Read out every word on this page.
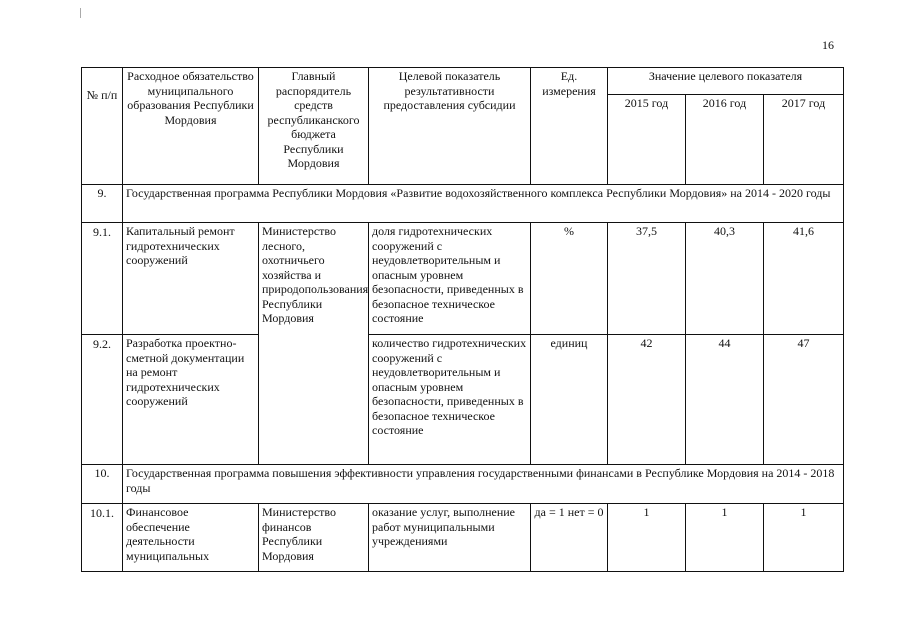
16
№ п/п	Расходное обязательство муниципального образования Республики Мордовия	Главный распорядитель средств республиканского бюджета Республики Мордовия	Целевой показатель результативности предоставления субсидии	Ед. измерения	Значение целевого показателя		
					2015 год	2016 год	2017 год
9.	Государственная программа Республики Мордовия «Развитие водохозяйственного комплекса Республики Мордовия» на 2014 - 2020 годы						
9.1.	Капитальный ремонт гидротехнических сооружений	Министерство лесного, охотничьего хозяйства и природопользования Республики Мордовия	доля гидротехнических сооружений с неудовлетворительным и опасным уровнем безопасности, приведенных в безопасное техническое состояние	%	37,5	40,3	41,6
9.2.	Разработка проектно-сметной документации на ремонт гидротехнических сооружений		количество гидротехнических сооружений с неудовлетворительным и опасным уровнем безопасности, приведенных в безопасное техническое состояние	единиц	42	44	47
10.	Государственная программа повышения эффективности управления государственными финансами в Республике Мордовия на 2014 - 2018 годы						
10.1.	Финансовое обеспечение деятельности муниципальных	Министерство финансов Республики Мордовия	оказание услуг, выполнение работ муниципальными учреждениями	да = 1 нет = 0	1	1	1
